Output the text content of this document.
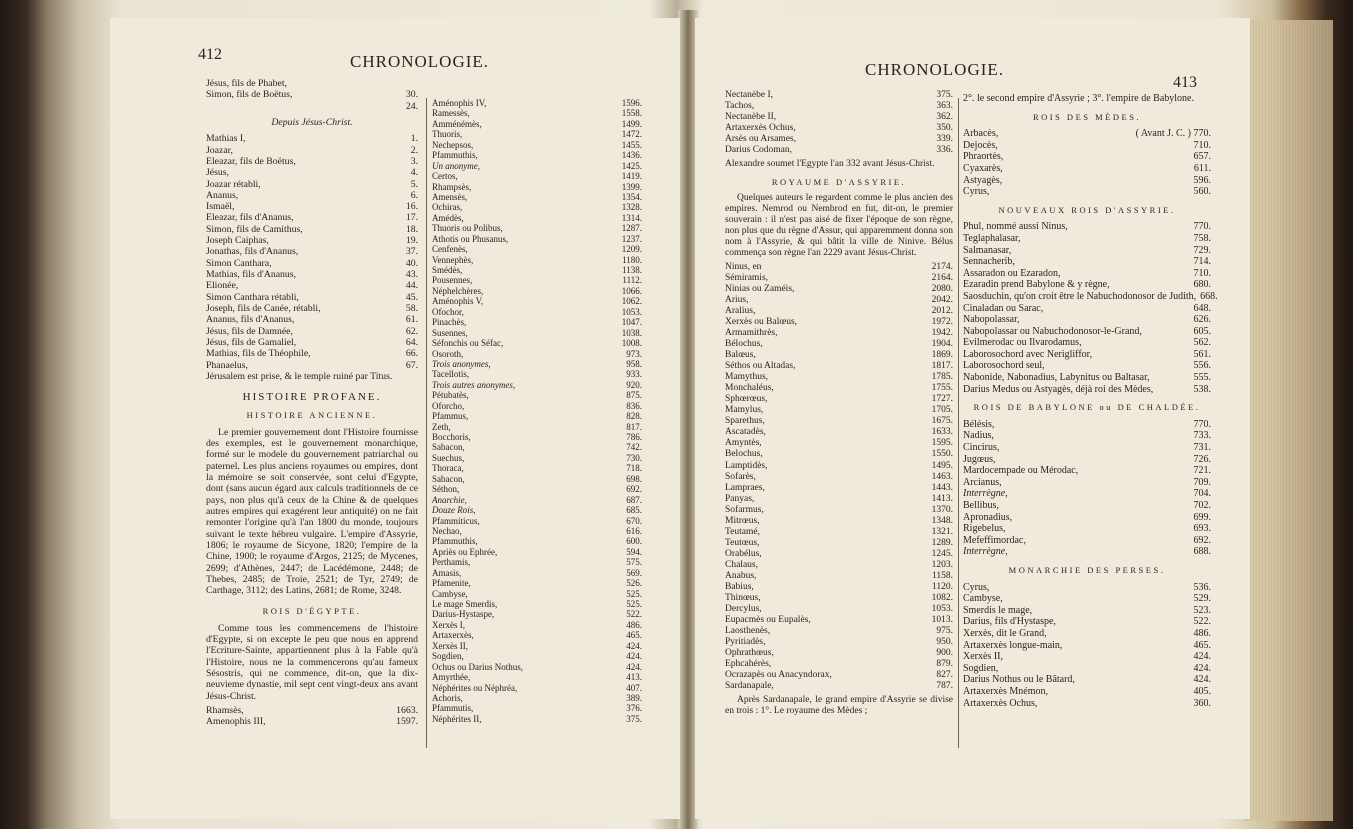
412	CHRONOLOGIE.
Jésus, fils de Phabet,
Simon, fils de Boëtus,	30.
24.
Depuis Jésus-Christ.
Mathias I,	1.
Joazar,	2.
Eleazar, fils de Boëtus,	3.
Jésus,	4.
Joazar rétabli,	5.
Ananus,	6.
Ismaël,	16.
Eleazar, fils d'Ananus,	17.
Simon, fils de Camithus,	18.
Joseph Caiphas,	19.
Jonathas, fils d'Ananus,	37.
Simon Canthara,	40.
Mathias, fils d'Ananus,	43.
Elionée,	44.
Simon Canthara rétabli,	45.
Joseph, fils de Canée, rétabli,	58.
Ananus, fils d'Ananus,	61.
Jésus, fils de Damnée,	62.
Jésus, fils de Gamaliel,	64.
Mathias, fils de Théophile,	66.
Phanaelus,	67.
Jérusalem est prise, & le temple ruiné par Titus.
HISTOIRE PROFANE.
HISTOIRE ANCIENNE.
Le premier gouvernement dont l'Histoire fournisse des exemples, est le gouvernement monarchique, formé sur le modele du gouvernement patriarchal ou paternel. Les plus anciens royaumes ou empires, dont la mémoire se soit conservée, sont celui d'Egypte, dont (sans aucun égard aux calculs traditionnels de ce pays, non plus qu'à ceux de la Chine & de quelques autres empires qui exagérent leur antiquité) on ne fait remonter l'origine qu'à l'an 1800 du monde, toujours suivant le texte hébreu vulgaire. L'empire d'Assyrie, 1806; le royaume de Sicyone, 1820; l'empire de la Chine, 1900; le royaume d'Argos, 2125; de Mycenes, 2699; d'Athènes, 2447; de Lacédémone, 2448; de Thebes, 2485; de Troie, 2521; de Tyr, 2749; de Carthage, 3112; des Latins, 2681; de Rome, 3248.
ROIS D'ÉGYPTE.
Comme tous les commencemens de l'histoire d'Egypte, si on excepte le peu que nous en apprend l'Ecriture-Sainte, appartiennent plus à la Fable qu'à l'Histoire, nous ne la commencerons qu'au fameux Sésostris, qui ne commence, dit-on, que la dix-neuvieme dynastie, mil sept cent vingt-deux ans avant Jésus-Christ.
Rhamsès,	1663.
Amenophis III,	1597.
Aménophis IV,	1596.
Ramessès,	1558.
Amménémès,	1499.
Thuoris,	1472.
Nechepsos,	1455.
Pfammuthis,	1436.
Un anonyme,	1425.
Certos,	1419.
Rhampsès,	1399.
Amensès,	1354.
Ochiras,	1328.
Amédès,	1314.
Thuoris ou Polibus,	1287.
Athotis ou Phusanus,	1237.
Cenfenès,	1209.
Vennephès,	1180.
Smédès,	1138.
Pousennes,	1112.
Néphelchères,	1066.
Aménophis V,	1062.
Ofochor,	1053.
Pinachès,	1047.
Susennes,	1038.
Séfonchis ou Séfac,	1008.
Osoroth,	973.
Trois anonymes,	958.
Tacellotis,	933.
Trois autres anonymes,	920.
Pétubatès,	875.
Oforcho,	836.
Pfammus,	828.
Zeth,	817.
Bocchoris,	786.
Sabacon,	742.
Suechus,	730.
Thoraca,	718.
Sabacon,	698.
Séthon,	692.
Anarchie,	687.
Douze Rois,	685.
Pfammiticus,	670.
Nechao,	616.
Pfammuthis,	600.
Apriès ou Ephrée,	594.
Perthamis,	575.
Amasis,	569.
Pfamenite,	526.
Cambyse,	525.
Le mage Smerdis,	525.
Darius-Hystaspe,	522.
Xerxès I,	486.
Artaxerxès,	465.
Xerxès II,	424.
Sogdien,	424.
Ochus ou Darius Nothus,	424.
Amyrthée,	413.
Néphérites ou Néphréa,	407.
Achoris,	389.
Pfammutis,	376.
Néphérites II,	375.
CHRONOLOGIE.
413
Nectanèbe I,	375.
Tachos,	363.
Nectanèbe II,	362.
Artaxerxès Ochus,	350.
Arsès ou Arsames,	339.
Darius Codoman,	336.
Alexandre soumet l'Egypte l'an 332 avant Jésus-Christ.
ROYAUME D'ASSYRIE.
Quelques auteurs le regardent comme le plus ancien des empires. Nemrod ou Nembrod en fut, dit-on, le premier souverain : il n'est pas aisé de fixer l'époque de son règne, non plus que du règne d'Assur, qui apparemment donna son nom à l'Assyrie, & qui bâtit la ville de Ninive. Bélus commença son règne l'an 2229 avant Jésus-Christ.
Ninus, en	2174.
Sémiramis,	2164.
Ninias ou Zaméis,	2080.
Arius,	2042.
Aralius,	2012.
Xerxès ou Balœus,	1972.
Armamithrès,	1942.
Bélochus,	1904.
Balœus,	1869.
Séthos ou Altadas,	1817.
Mamythus,	1785.
Monchaléus,	1755.
Sphœrœus,	1727.
Mamylus,	1705.
Sparethus,	1675.
Ascatadès,	1633.
Amyntès,	1595.
Belochus,	1550.
Lamptidès,	1495.
Sofarès,	1463.
Lampraes,	1443.
Panyas,	1413.
Sofarmus,	1370.
Mitrœus,	1348.
Teutamé,	1321.
Teutœus,	1289.
Orabélus,	1245.
Chalaus,	1203.
Anabus,	1158.
Babius,	1120.
Thinœus,	1082.
Dercylus,	1053.
Eupacmès ou Eupalès,	1013.
Laosthenès,	975.
Pyritiadès,	950.
Ophrathœus,	900.
Ephcahérès,	879.
Ocrazapès ou Anacyndorax,	827.
Sardanapale,	787.
Après Sardanapale, le grand empire d'Assyrie se divise en trois : 1°. Le royaume des Mèdes ;
2°. le second empire d'Assyrie ; 3°. l'empire de Babylone.
ROIS DES MÈDES.
Arbacès,	( Avant J. C. ) 770.
Dejocès,	710.
Phraortès,	657.
Cyaxarès,	611.
Astyagès,	596.
Cyrus,	560.
NOUVEAUX ROIS D'ASSYRIE.
Phul, nommé aussi Ninus,	770.
Teglaphalasar,	758.
Salmanasar,	729.
Sennacherib,	714.
Assaradon ou Ezaradon,	710.
Ezaradin prend Babylone & y règne,	680.
Saosduchin, qu'on croit être le Nabuchodonosor de Judith, 668.
Cinaladan ou Sarac,	648.
Nabopolassar,	626.
Nabopolassar ou Nabuchodonosor-le-Grand,	605.
Evilmerodac ou Ilvarodamus,	562.
Laborosochord avec Nerigliffor,	561.
Laborosochord seul,	556.
Nabonide, Nabonadius, Labynitus ou Baltasar,	555.
Darius Medus ou Astyagès, déjà roi des Mèdes,	538.
ROIS DE BABYLONE ou DE CHALDÉE.
Bélésis,	770.
Nadius,	733.
Cincirus,	731.
Jugœus,	726.
Mardocempade ou Mérodac,	721.
Arcianus,	709.
Interrègne,	704.
Bellibus,	702.
Apronadius,	699.
Rigebelus,	693.
Mefeffimordac,	692.
Interrègne,	688.
MONARCHIE DES PERSES.
Cyrus,	536.
Cambyse,	529.
Smerdis le mage,	523.
Darius, fils d'Hystaspe,	522.
Xerxès, dit le Grand,	486.
Artaxerxès longue-main,	465.
Xerxès II,	424.
Sogdien,	424.
Darius Nothus ou le Bâtard,	424.
Artaxerxès Mnémon,	405.
Artaxerxès Ochus,	360.
